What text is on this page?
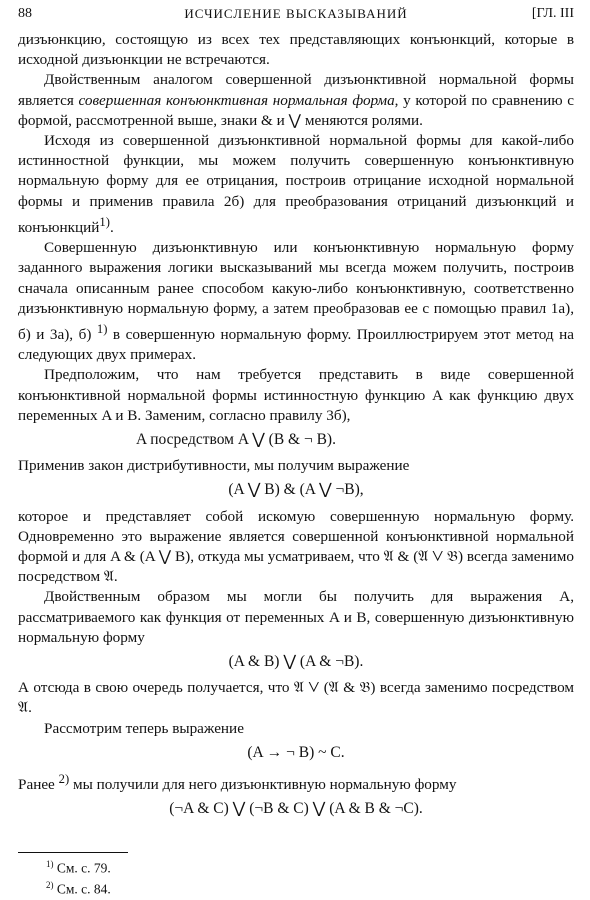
88	ИСЧИСЛЕНИЕ ВЫСКАЗЫВАНИЙ	[ГЛ. III

дизъюнкцию, состоящую из всех тех представляющих конъюнкций, которые в исходной дизъюнкции не встречаются.

Двойственным аналогом совершенной дизъюнктивной нормальной формы является совершенная конъюнктивная нормальная форма, у которой по сравнению с формой, рассмотренной выше, знаки & и ⋁ меняются ролями.

Исходя из совершенной дизъюнктивной нормальной формы для какой-либо истинностной функции, мы можем получить совершенную конъюнктивную нормальную форму для ее отрицания, построив отрицание исходной нормальной формы и применив правила 2б) для преобразования отрицаний дизъюнкций и конъюнкций$^{1)}$.

Совершенную дизъюнктивную или конъюнктивную нормальную форму заданного выражения логики высказываний мы всегда можем получить, построив сначала описанным ранее способом какую-либо конъюнктивную, соответственно дизъюнктивную нормальную форму, а затем преобразовав ее с помощью правил 1а), б) и 3а), б) $^{1)}$ в совершенную нормальную форму. Проиллюстрируем этот метод на следующих двух примерах.

Предположим, что нам требуется представить в виде совершенной конъюнктивной нормальной формы истинностную функцию A как функцию двух переменных A и B. Заменим, согласно правилу 3б),

A посредством A ⋁ (B & ¬ B).

Применив закон дистрибутивности, мы получим выражение

(A ⋁ B) & (A ⋁ ¬B),

которое и представляет собой искомую совершенную нормальную форму. Одновременно это выражение является совершенной конъюнктивной нормальной формой и для A & (A ⋁ B), откуда мы усматриваем, что 𝔄 & (𝔄 ⋁ 𝔅) всегда заменимо посредством 𝔄.

Двойственным образом мы могли бы получить для выражения A, рассматриваемого как функция от переменных A и B, совершенную дизъюнктивную нормальную форму

(A & B) ⋁ (A & ¬B).

А отсюда в свою очередь получается, что 𝔄 ⋁ (𝔄 & 𝔅) всегда заменимо посредством 𝔄.

Рассмотрим теперь выражение

(A → ¬ B) ~ C.

Ранее $^{2)}$ мы получили для него дизъюнктивную нормальную форму

(¬A & C) ⋁ (¬B & C) ⋁ (A & B & ¬C).
$^{1)}$ См. с. 79.
$^{2)}$ См. с. 84.
